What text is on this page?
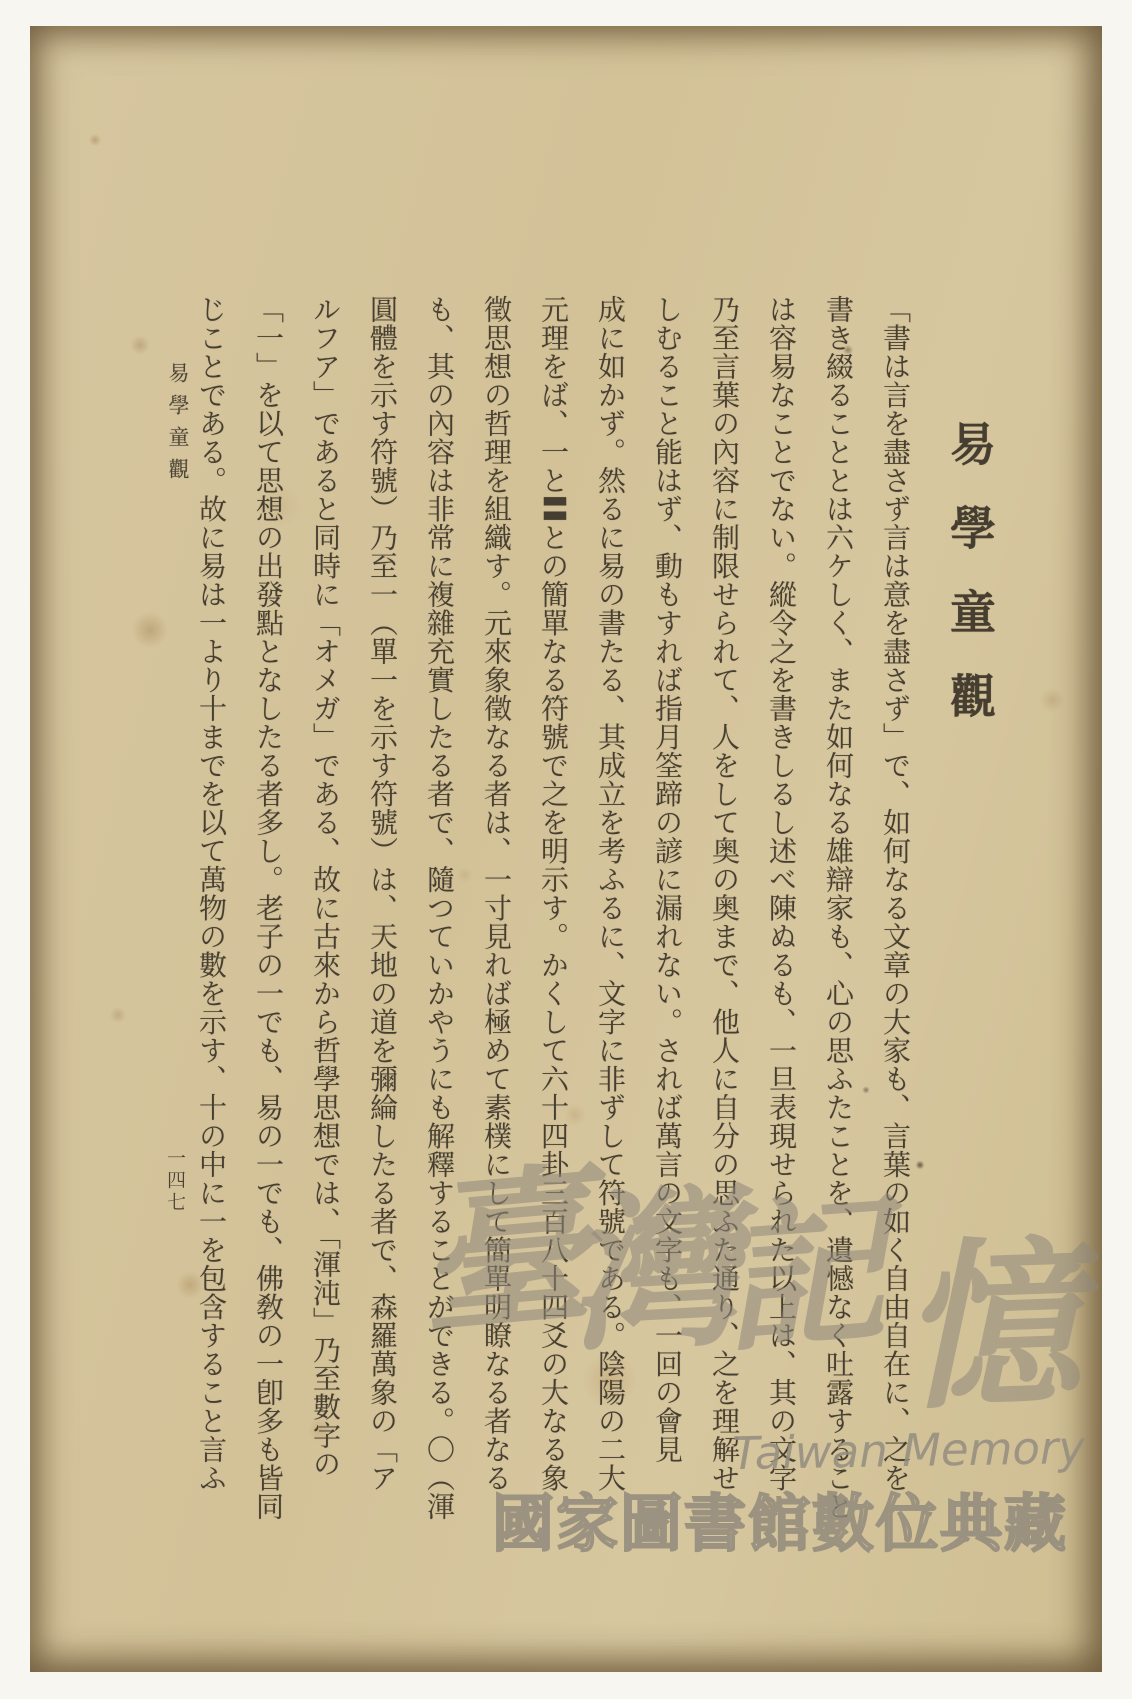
易學童觀
「書は言を盡さず言は意を盡さず」で、如何なる文章の大家も、言葉の如く自由自在に、之を
書き綴ることとは六ケしく、また如何なる雄辯家も、心の思ふたことを、遺憾なく吐露すること
は容易なことでない。縱令之を書きしるし述べ陳ぬるも、一旦表現せられた以上は、其の文字
乃至言葉の內容に制限せられて、人をして奥の奥まで、他人に自分の思ふた通り、之を理解せ
しむること能はず、動もすれば指月筌蹄の諺に漏れない。されば萬言の文字も、一回の會見
成に如かず。然るに易の書たる、其成立を考ふるに、文字に非ずして符號である。陰陽の二大
元理をば、一と〓との簡單なる符號で之を明示す。かくして六十四卦三百八十四爻の大なる象
徵思想の哲理を組織す。元來象徵なる者は、一寸見れば極めて素樸にして簡單明瞭なる者なる
も、其の內容は非常に複雜充實したる者で、隨つていかやうにも解釋することができる。〇（渾
圓體を示す符號）乃至一（單一を示す符號）は、天地の道を彌綸したる者で、森羅萬象の「ア
ルフア」であると同時に「オメガ」である、故に古來から哲學思想では、「渾沌」乃至數字の
「一」を以て思想の出發點となしたる者多し。老子の一でも、易の一でも、佛敎の一卽多も皆同
じことである。故に易は一より十までを以て萬物の數を示す、十の中に一を包含すること言ふ
易學童觀
一四七 臺
灣
記 憶
Taiwan Memory
國家圖書館數位典藏
